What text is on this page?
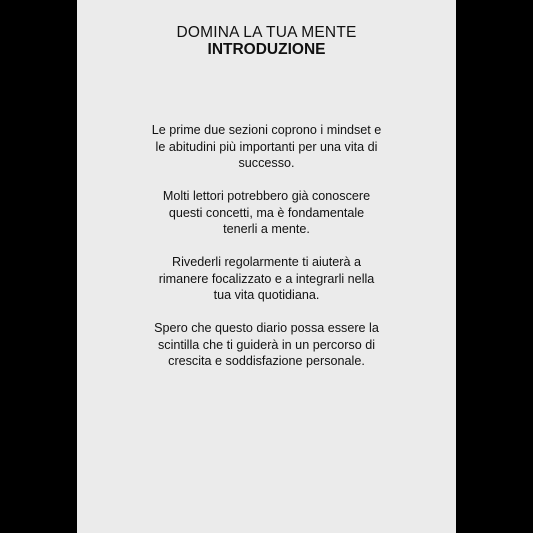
DOMINA LA TUA MENTE
INTRODUZIONE

Le prime due sezioni coprono i mindset e
le abitudini più importanti per una vita di
successo.

Molti lettori potrebbero già conoscere
questi concetti, ma è fondamentale
tenerli a mente.

Rivederli regolarmente ti aiuterà a
rimanere focalizzato e a integrarli nella
tua vita quotidiana.

Spero che questo diario possa essere la
scintilla che ti guiderà in un percorso di
crescita e soddisfazione personale.
